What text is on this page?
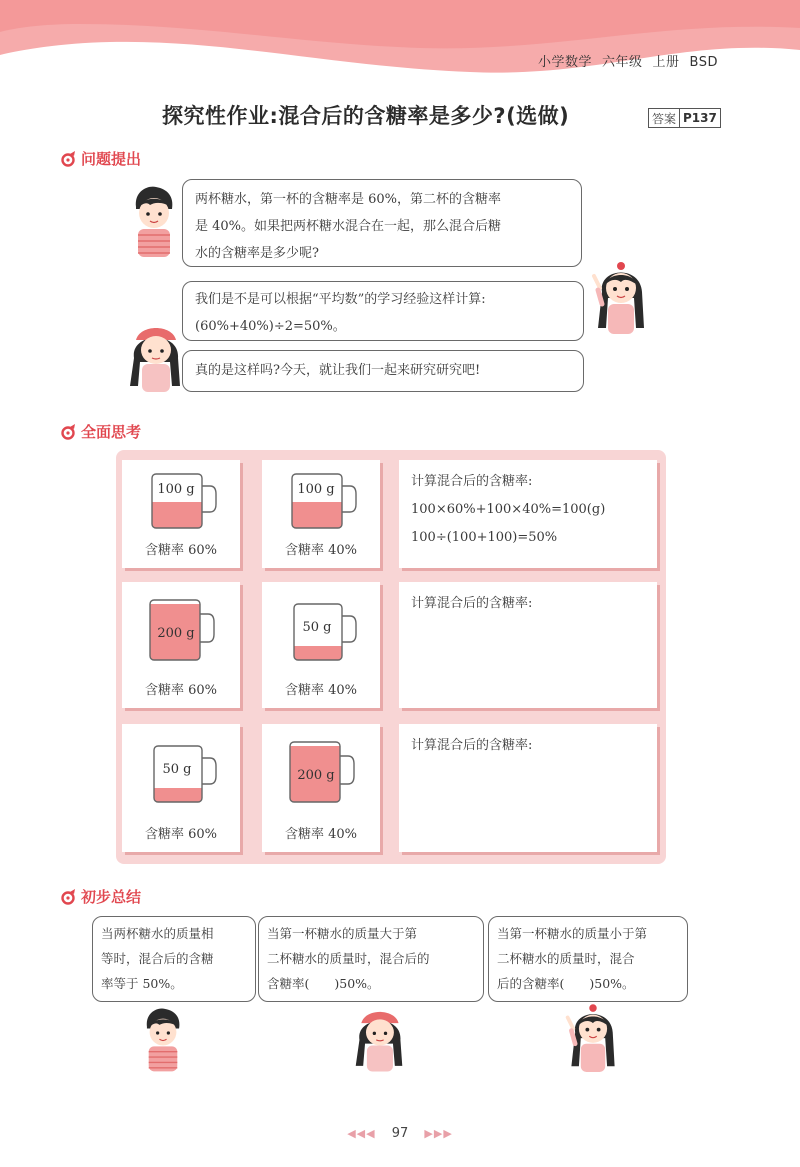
小学数学 六年级 上册 BSD
探究性作业:混合后的含糖率是多少?(选做)	答案 P137
问题提出
两杯糖水，第一杯的含糖率是 60%，第二杯的含糖率
是 40%。如果把两杯糖水混合在一起，那么混合后糖
水的含糖率是多少呢?
我们是不是可以根据“平均数”的学习经验这样计算:
(60%+40%)÷2=50%。
真的是这样吗?今天，就让我们一起来研究研究吧!
全面思考
100 g
含糖率 60%
100 g
含糖率 40%
计算混合后的含糖率:
100×60%+100×40%=100(g)
100÷(100+100)=50%
200 g
含糖率 60%
50 g
含糖率 40%
计算混合后的含糖率:
50 g
含糖率 60%
200 g
含糖率 40%
计算混合后的含糖率:
初步总结
当两杯糖水的质量相
等时，混合后的含糖
率等于 50%。
当第一杯糖水的质量大于第
二杯糖水的质量时，混合后的
含糖率(　　)50%。
当第一杯糖水的质量小于第
二杯糖水的质量时，混合
后的含糖率(　　)50%。
◀◀◀ 97 ▶▶▶
